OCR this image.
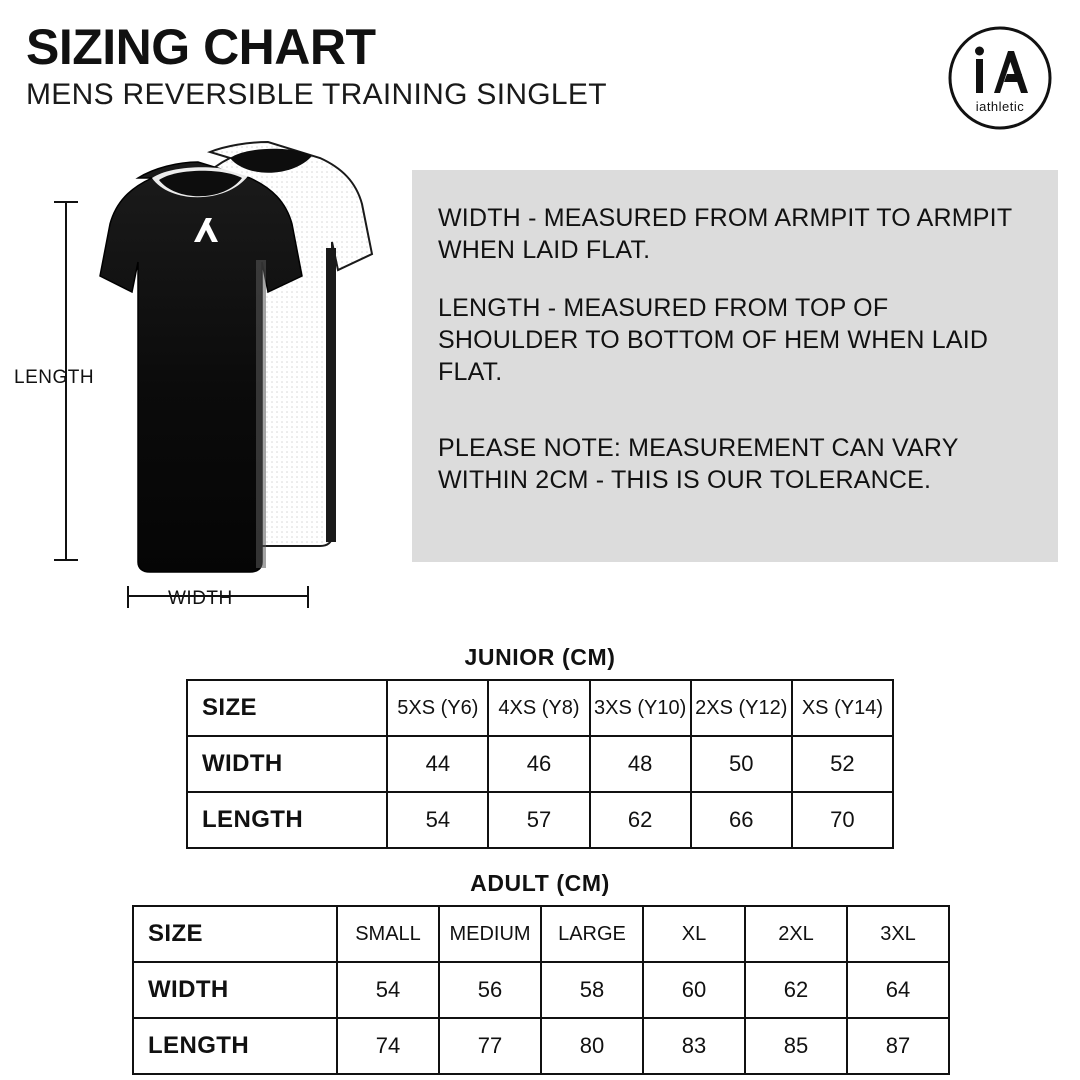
SIZING CHART
MENS REVERSIBLE TRAINING SINGLET	iathletic
LENGTH
WIDTH

WIDTH - MEASURED FROM ARMPIT TO ARMPIT WHEN LAID FLAT.

LENGTH - MEASURED FROM TOP OF SHOULDER TO BOTTOM OF HEM WHEN LAID FLAT.

PLEASE NOTE: MEASUREMENT CAN VARY WITHIN 2CM - THIS IS OUR TOLERANCE.

JUNIOR (CM)
SIZE	5XS (Y6)	4XS (Y8)	3XS (Y10)	2XS (Y12)	XS (Y14)
WIDTH	44	46	48	50	52
LENGTH	54	57	62	66	70
ADULT (CM)
SIZE	SMALL	MEDIUM	LARGE	XL	2XL	3XL
WIDTH	54	56	58	60	62	64
LENGTH	74	77	80	83	85	87
